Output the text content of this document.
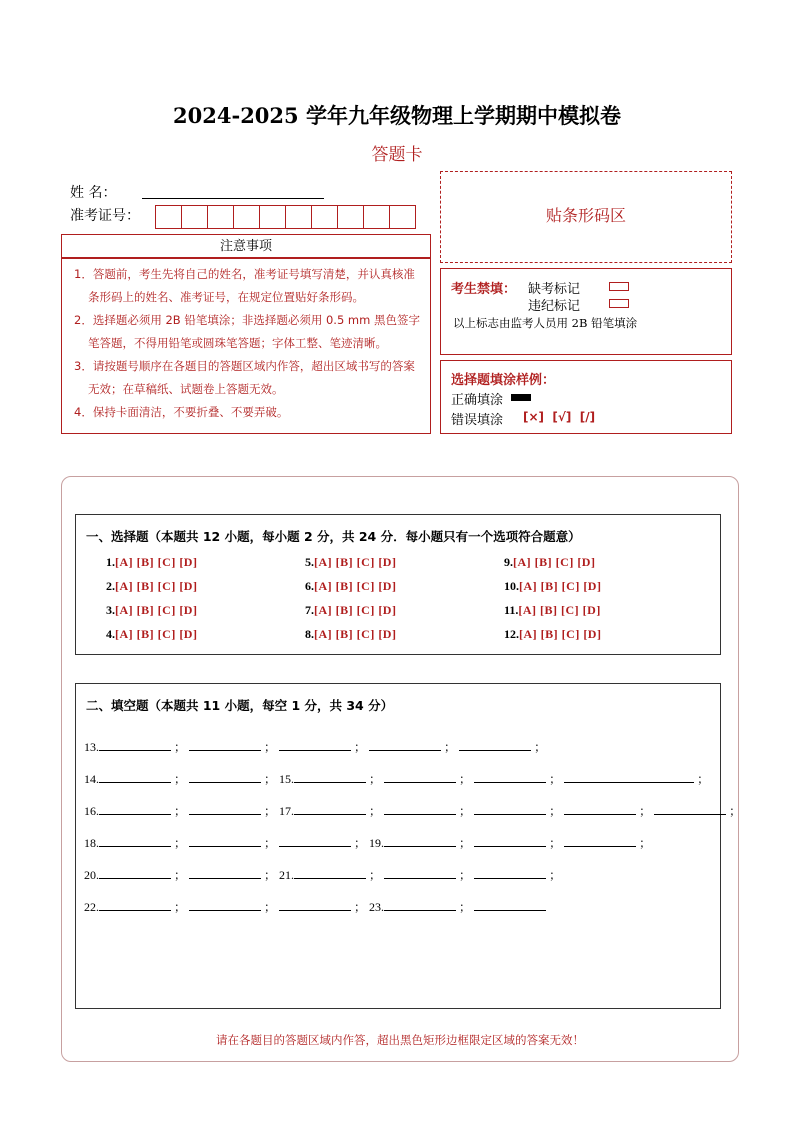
2024-2025 学年九年级物理上学期期中模拟卷
答题卡
姓 名：
准考证号：
注意事项
1．答题前，考生先将自己的姓名，准考证号填写清楚，并认真核准条形码上的姓名、准考证号，在规定位置贴好条形码。
2．选择题必须用 2B 铅笔填涂；非选择题必须用 0.5 mm 黑色签字笔答题，不得用铅笔或圆珠笔答题；字体工整、笔迹清晰。
3．请按题号顺序在各题目的答题区域内作答，超出区域书写的答案无效；在草稿纸、试题卷上答题无效。
4．保持卡面清洁，不要折叠、不要弄破。
贴条形码区
考生禁填： 缺考标记
违纪标记
以上标志由监考人员用 2B 铅笔填涂
选择题填涂样例：
正确填涂
错误填涂 [×]  [√]  [/]
一、选择题（本题共 12 小题，每小题 2 分，共 24 分．每小题只有一个选项符合题意）
1.[A] [B] [C] [D]
2.[A] [B] [C] [D]
3.[A] [B] [C] [D]
4.[A] [B] [C] [D]
5.[A] [B] [C] [D]
6.[A] [B] [C] [D]
7.[A] [B] [C] [D]
8.[A] [B] [C] [D]
9.[A] [B] [C] [D]
10.[A] [B] [C] [D]
11.[A] [B] [C] [D]
12.[A] [B] [C] [D]
二、填空题（本题共 11 小题，每空 1 分，共 34 分）
13.	；	；	；	；	；
14.	；	； 15.	；	；	；	；
16.	；	； 17.	；	；	；	；	；
18.	；	；	； 19.	；	；	；
20.	；	； 21.	；	；	；
22.	；	；	； 23.	；
请在各题目的答题区域内作答，超出黑色矩形边框限定区域的答案无效！
